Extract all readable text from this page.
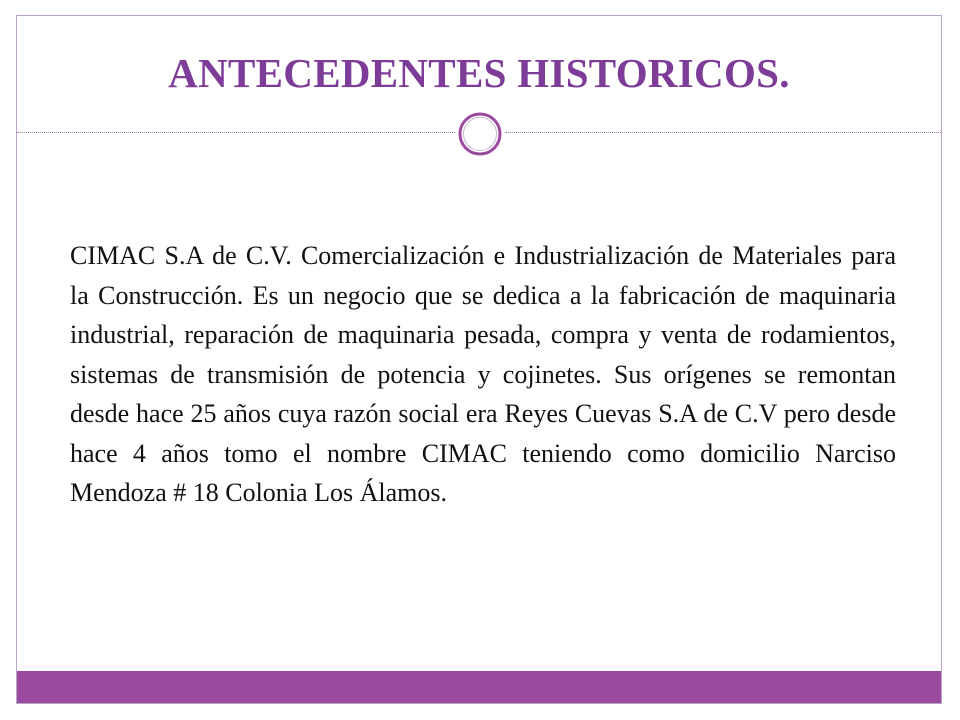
ANTECEDENTES HISTORICOS.

CIMAC S.A de C.V. Comercialización e Industrialización de Materiales para la Construcción. Es un negocio que se dedica a la fabricación de maquinaria industrial, reparación de maquinaria pesada, compra y venta de rodamientos, sistemas de transmisión de potencia y cojinetes. Sus orígenes se remontan desde hace 25 años cuya razón social era Reyes Cuevas S.A de C.V pero desde hace 4 años tomo el nombre CIMAC teniendo como domicilio Narciso Mendoza # 18 Colonia Los Álamos.
